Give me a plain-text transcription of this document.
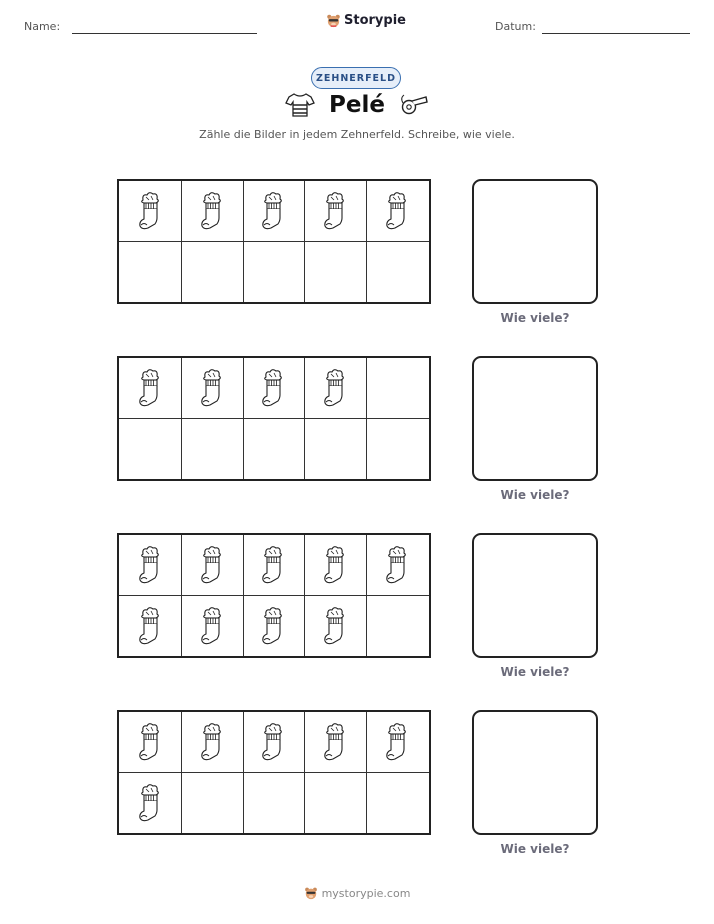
Name:	Storypie	Datum:
ZEHNERFELD
Pelé
Zähle die Bilder in jedem Zehnerfeld. Schreibe, wie viele.
Wie viele?
Wie viele?
Wie viele?
Wie viele?
mystorypie.com
